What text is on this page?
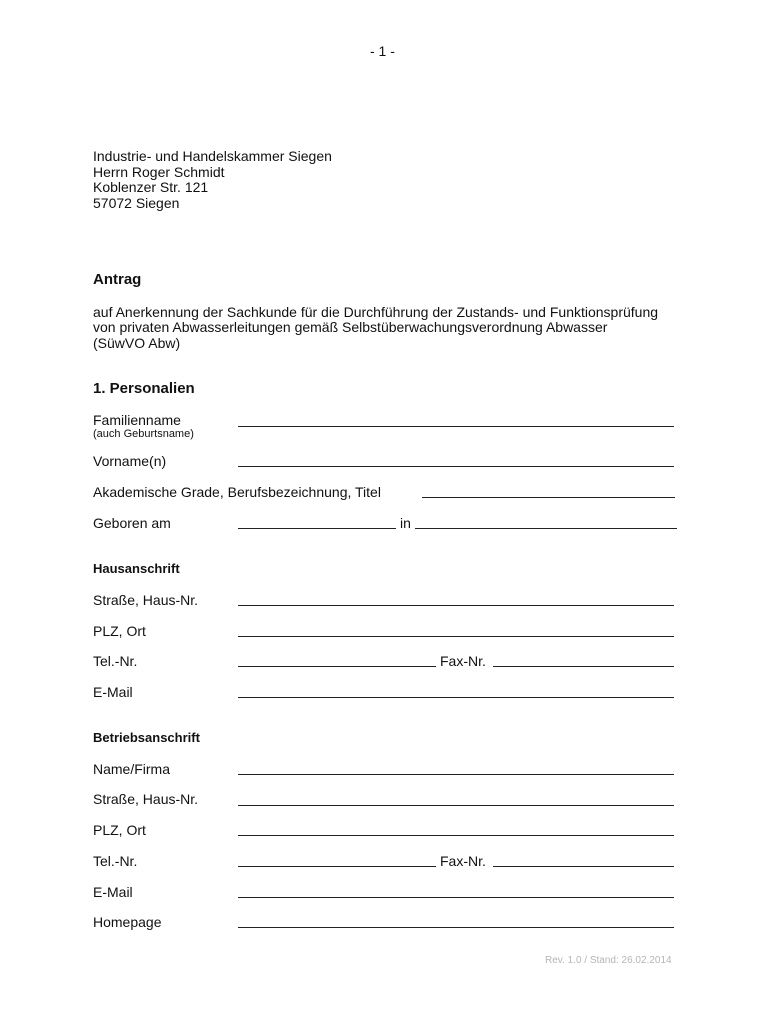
- 1 -
Industrie- und Handelskammer Siegen
Herrn Roger Schmidt
Koblenzer Str. 121
57072 Siegen
Antrag
auf Anerkennung der Sachkunde für die Durchführung der Zustands- und Funktionsprüfung
von privaten Abwasserleitungen gemäß Selbstüberwachungsverordnung Abwasser
(SüwVO Abw)
1. Personalien
Familienname
(auch Geburtsname)
Vorname(n)
Akademische Grade, Berufsbezeichnung, Titel
Geboren am	in
Hausanschrift
Straße, Haus-Nr.
PLZ, Ort
Tel.-Nr.	Fax-Nr.
E-Mail
Betriebsanschrift
Name/Firma
Straße, Haus-Nr.
PLZ, Ort
Tel.-Nr.	Fax-Nr.
E-Mail
Homepage
Rev. 1.0 / Stand: 26.02.2014
